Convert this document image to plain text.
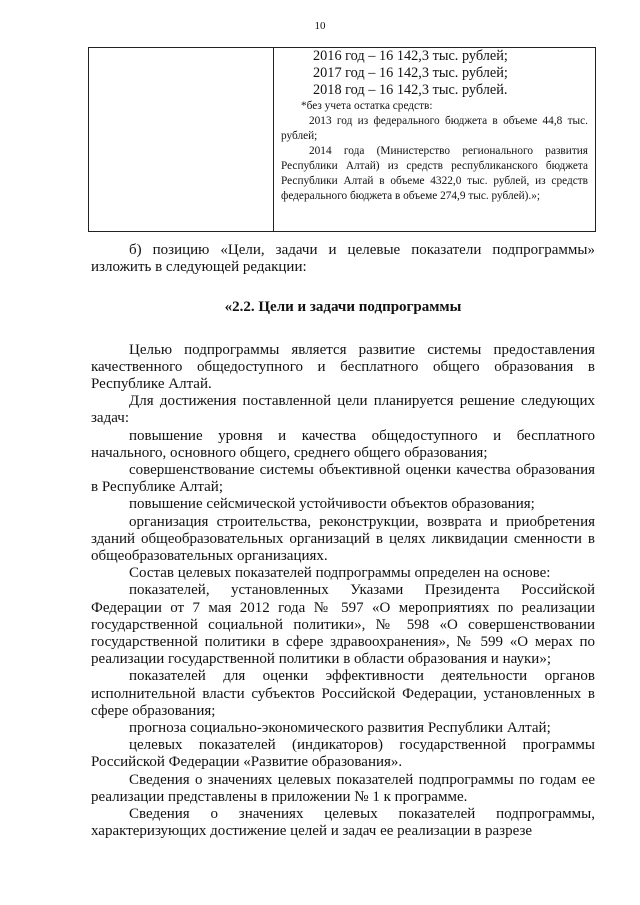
10

2016 год – 16 142,3 тыс. рублей;
2017 год – 16 142,3 тыс. рублей;
2018 год – 16 142,3 тыс. рублей.
*без учета остатка средств:
2013 год из федерального бюджета в объеме 44,8 тыс. рублей;
2014 года (Министерство регионального развития Республики Алтай) из средств республиканского бюджета Республики Алтай в объеме 4322,0 тыс. рублей, из средств федерального бюджета в объеме 274,9 тыс. рублей).»;

б) позицию «Цели, задачи и целевые показатели подпрограммы» изложить в следующей редакции:

«2.2. Цели и задачи подпрограммы

Целью подпрограммы является развитие системы предоставления качественного общедоступного и бесплатного общего образования в Республике Алтай.

Для достижения поставленной цели планируется решение следующих задач:

повышение уровня и качества общедоступного и бесплатного начального, основного общего, среднего общего образования;

совершенствование системы объективной оценки качества образования в Республике Алтай;

повышение сейсмической устойчивости объектов образования;

организация строительства, реконструкции, возврата и приобретения зданий общеобразовательных организаций в целях ликвидации сменности в общеобразовательных организациях.

Состав целевых показателей подпрограммы определен на основе:

показателей, установленных Указами Президента Российской Федерации от 7 мая 2012 года № 597 «О мероприятиях по реализации государственной социальной политики», № 598 «О совершенствовании государственной политики в сфере здравоохранения», № 599 «О мерах по реализации государственной политики в области образования и науки»;

показателей для оценки эффективности деятельности органов исполнительной власти субъектов Российской Федерации, установленных в сфере образования;

прогноза социально-экономического развития Республики Алтай;

целевых показателей (индикаторов) государственной программы Российской Федерации «Развитие образования».

Сведения о значениях целевых показателей подпрограммы по годам ее реализации представлены в приложении № 1 к программе.

Сведения о значениях целевых показателей подпрограммы, характеризующих достижение целей и задач ее реализации в разрезе
